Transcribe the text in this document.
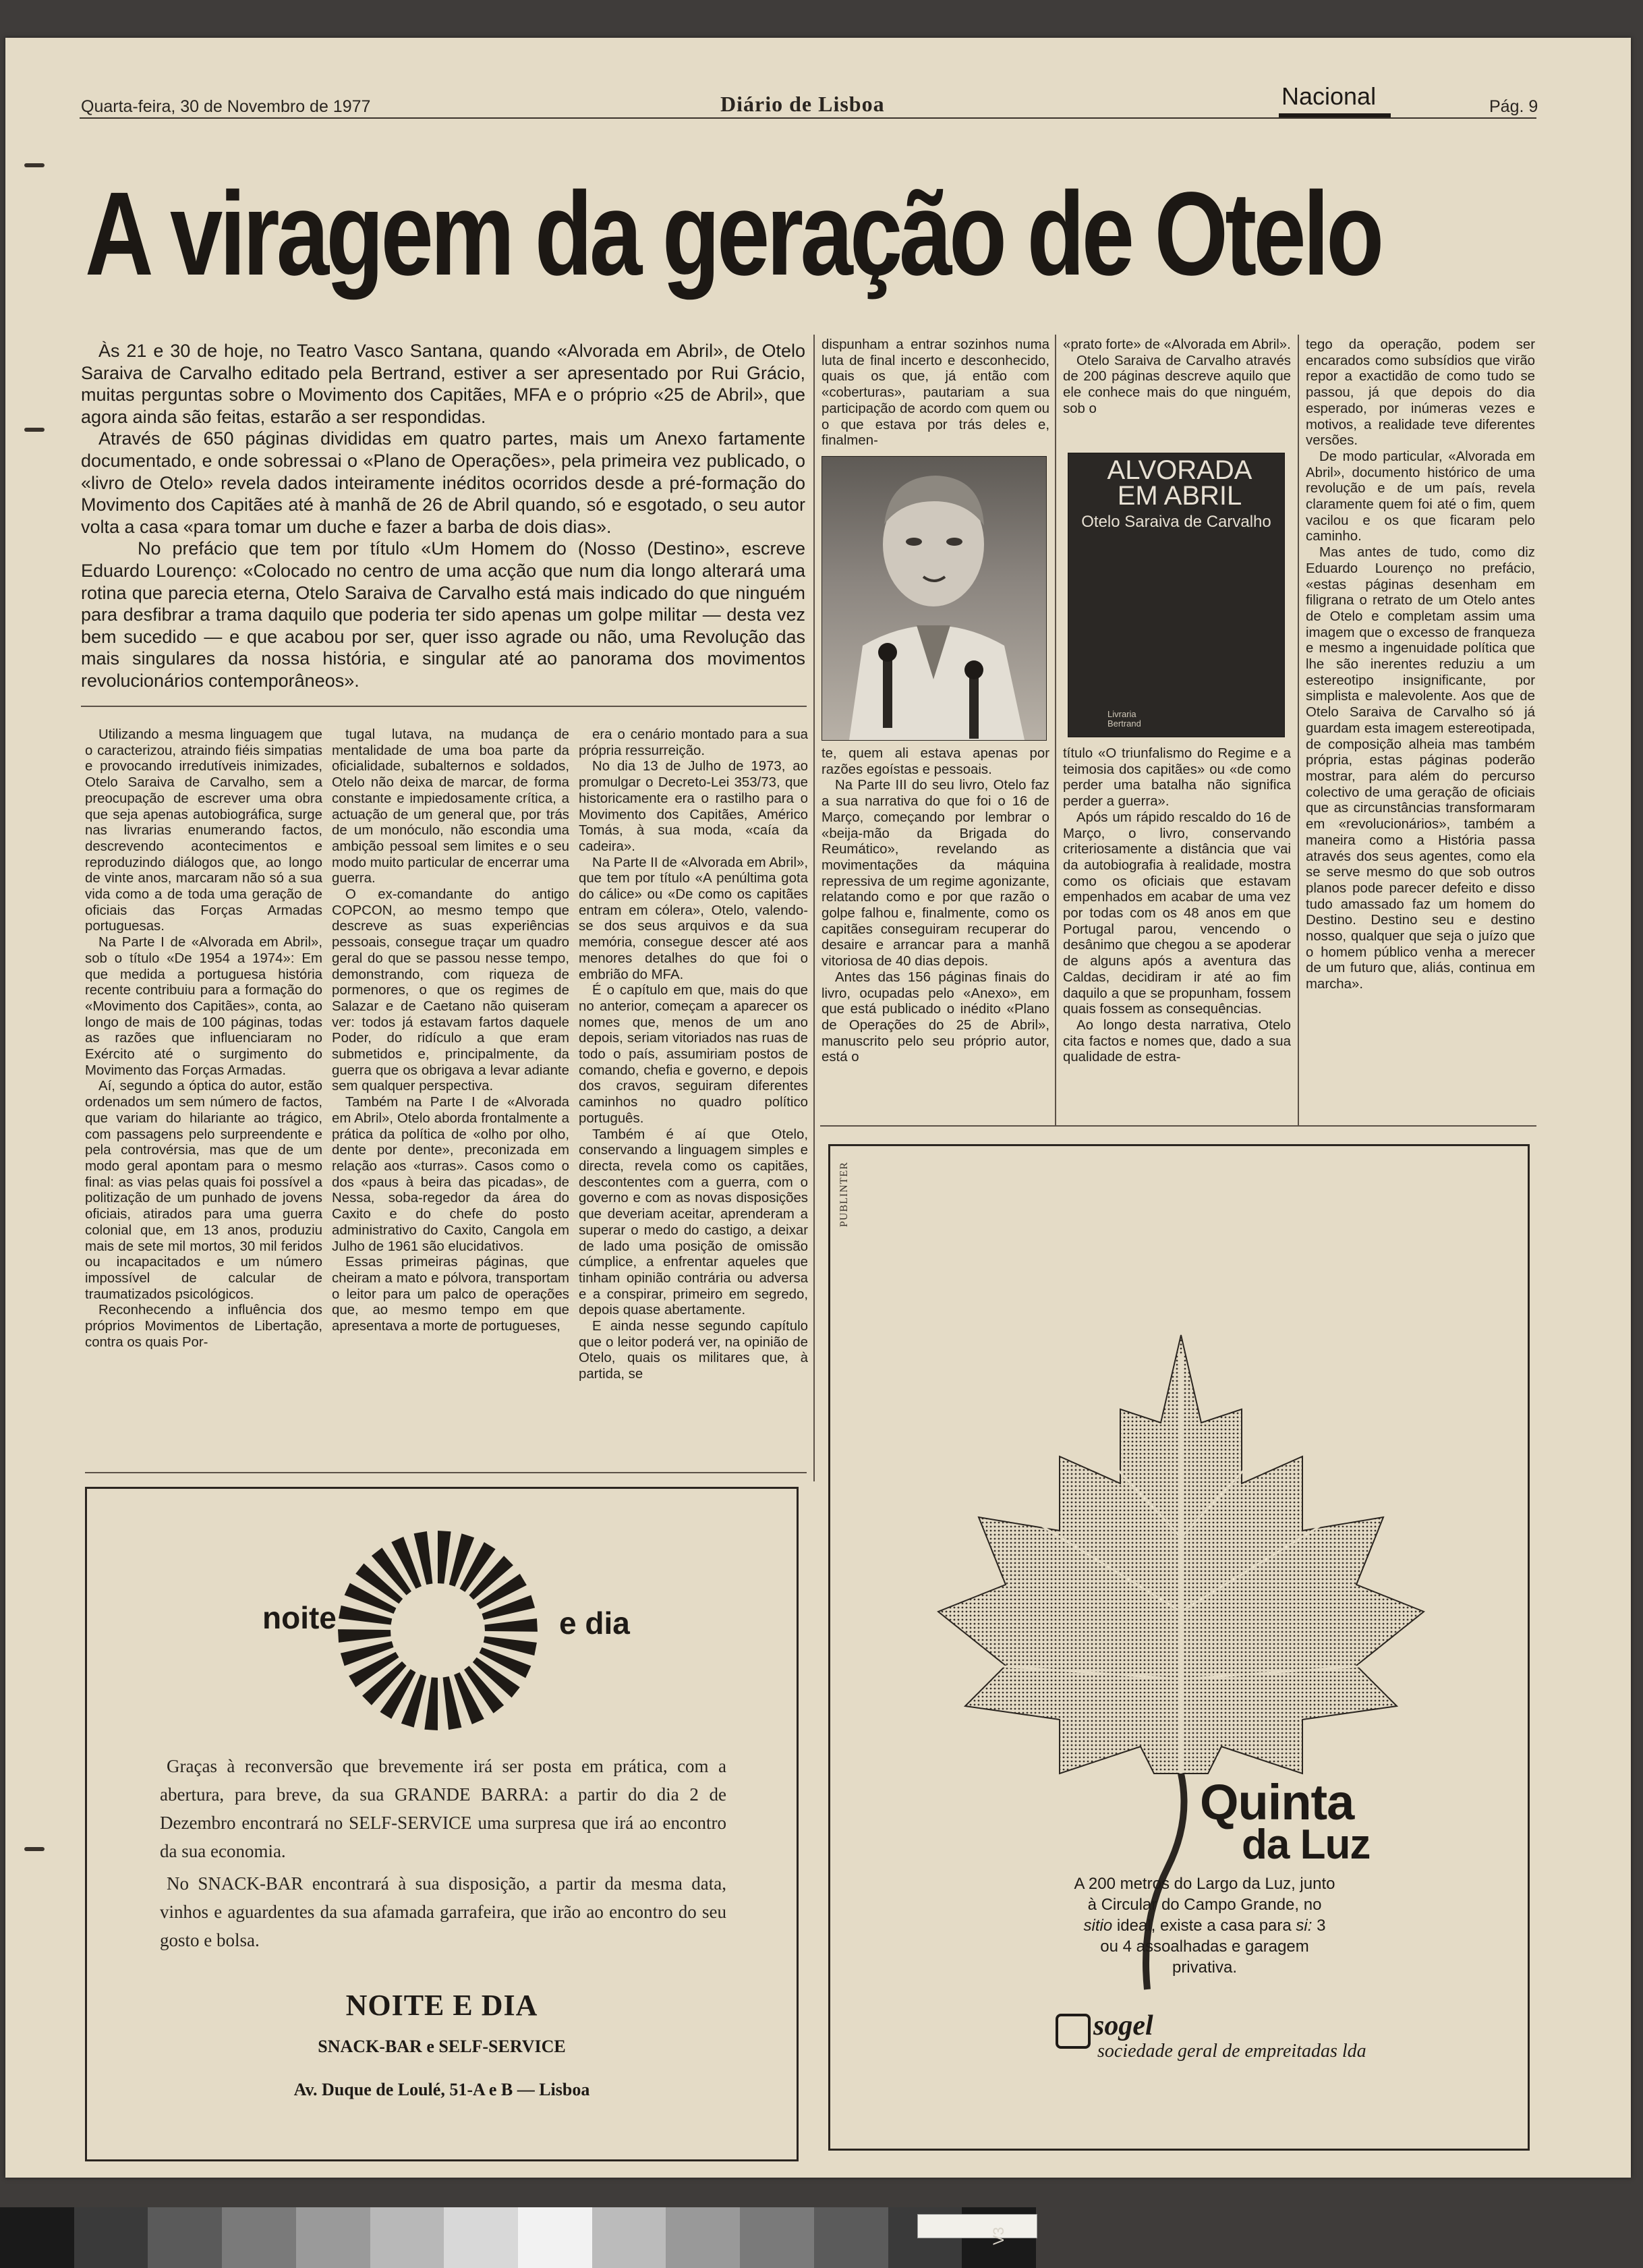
Quarta-feira, 30 de Novembro de 1977	Diário de Lisboa	Nacional	Pág. 9
A viragem da geração de Otelo

Às 21 e 30 de hoje, no Teatro Vasco Santana, quando «Alvorada em Abril», de Otelo Saraiva de Carvalho editado pela Bertrand, estiver a ser apresentado por Rui Grácio, muitas perguntas sobre o Movimento dos Capitães, MFA e o próprio «25 de Abril», que agora ainda são feitas, estarão a ser respondidas.

Através de 650 páginas divididas em quatro partes, mais um Anexo fartamente documentado, e onde sobressai o «Plano de Operações», pela primeira vez publicado, o «livro de Otelo» revela dados inteiramente inéditos ocorridos desde a pré-formação do Movimento dos Capitães até à manhã de 26 de Abril quando, só e esgotado, o seu autor volta a casa «para tomar um duche e fazer a barba de dois dias».

No prefácio que tem por título «Um Homem do (Nosso (Destino», escreve Eduardo Lourenço: «Colocado no centro de uma acção que num dia longo alterará uma rotina que parecia eterna, Otelo Saraiva de Carvalho está mais indicado do que ninguém para desfibrar a trama daquilo que poderia ter sido apenas um golpe militar — desta vez bem sucedido — e que acabou por ser, quer isso agrade ou não, uma Revolução das mais singulares da nossa história, e singular até ao panorama dos movimentos revolucionários contemporâneos».

Utilizando a mesma linguagem que o caracterizou, atraindo fiéis simpatias e provocando irredutíveis inimizades, Otelo Saraiva de Carvalho, sem a preocupação de escrever uma obra que seja apenas autobiográfica, surge nas livrarias enumerando factos, descrevendo acontecimentos e reproduzindo diálogos que, ao longo de vinte anos, marcaram não só a sua vida como a de toda uma geração de oficiais das Forças Armadas portuguesas.

Na Parte I de «Alvorada em Abril», sob o título «De 1954 a 1974»: Em que medida a portuguesa história recente contribuiu para a formação do «Movimento dos Capitães», conta, ao longo de mais de 100 páginas, todas as razões que influenciaram no Exército até o surgimento do Movimento das Forças Armadas.

Aí, segundo a óptica do autor, estão ordenados um sem número de factos, que variam do hilariante ao trágico, com passagens pelo surpreendente e pela controvérsia, mas que de um modo geral apontam para o mesmo final: as vias pelas quais foi possível a politização de um punhado de jovens oficiais, atirados para uma guerra colonial que, em 13 anos, produziu mais de sete mil mortos, 30 mil feridos ou incapacitados e um número impossível de calcular de traumatizados psicológicos.

Reconhecendo a influência dos próprios Movimentos de Libertação, contra os quais Por-

tugal lutava, na mudança de mentalidade de uma boa parte da oficialidade, subalternos e soldados, Otelo não deixa de marcar, de forma constante e impiedosamente crítica, a actuação de um general que, por trás de um monóculo, não escondia uma ambição pessoal sem limites e o seu modo muito particular de encerrar uma guerra.

O ex-comandante do antigo COPCON, ao mesmo tempo que descreve as suas experiências pessoais, consegue traçar um quadro geral do que se passou nesse tempo, demonstrando, com riqueza de pormenores, o que os regimes de Salazar e de Caetano não quiseram ver: todos já estavam fartos daquele Poder, do ridículo a que eram submetidos e, principalmente, da guerra que os obrigava a levar adiante sem qualquer perspectiva.

Também na Parte I de «Alvorada em Abril», Otelo aborda frontalmente a prática da política de «olho por olho, dente por dente», preconizada em relação aos «turras». Casos como o dos «paus à beira das picadas», de Nessa, soba-regedor da área do Caxito e do chefe do posto administrativo do Caxito, Cangola em Julho de 1961 são elucidativos.

Essas primeiras páginas, que cheiram a mato e pólvora, transportam o leitor para um palco de operações que, ao mesmo tempo em que apresentava a morte de portugueses,

era o cenário montado para a sua própria ressurreição.

No dia 13 de Julho de 1973, ao promulgar o Decreto-Lei 353/73, que historicamente era o rastilho para o Movimento dos Capitães, Américo Tomás, à sua moda, «caía da cadeira».

Na Parte II de «Alvorada em Abril», que tem por título «A penúltima gota do cálice» ou «De como os capitães entram em cólera», Otelo, valendo-se dos seus arquivos e da sua memória, consegue descer até aos menores detalhes do que foi o embrião do MFA.

É o capítulo em que, mais do que no anterior, começam a aparecer os nomes que, menos de um ano depois, seriam vitoriados nas ruas de todo o país, assumiriam postos de comando, chefia e governo, e depois dos cravos, seguiram diferentes caminhos no quadro político português.

Também é aí que Otelo, conservando a linguagem simples e directa, revela como os capitães, descontentes com a guerra, com o governo e com as novas disposições que deveriam aceitar, aprenderam a superar o medo do castigo, a deixar de lado uma posição de omissão cúmplice, a enfrentar aqueles que tinham opinião contrária ou adversa e a conspirar, primeiro em segredo, depois quase abertamente.

E ainda nesse segundo capítulo que o leitor poderá ver, na opinião de Otelo, quais os militares que, à partida, se

dispunham a entrar sozinhos numa luta de final incerto e desconhecido, quais os que, já então com «coberturas», pautariam a sua participação de acordo com quem ou o que estava por trás deles e, finalmen-

te, quem ali estava apenas por razões egoístas e pessoais.

Na Parte III do seu livro, Otelo faz a sua narrativa do que foi o 16 de Março, começando por lembrar o «beija-mão da Brigada do Reumático», revelando as movimentações da máquina repressiva de um regime agonizante, relatando como e por que razão o golpe falhou e, finalmente, como os capitães conseguiram recuperar do desaire e arrancar para a manhã vitoriosa de 40 dias depois.

Antes das 156 páginas finais do livro, ocupadas pelo «Anexo», em que está publicado o inédito «Plano de Operações do 25 de Abril», manuscrito pelo seu próprio autor, está o

«prato forte» de «Alvorada em Abril».

Otelo Saraiva de Carvalho através de 200 páginas descreve aquilo que ele conhece mais do que ninguém, sob o

ALVORADA EM ABRIL
Otelo Saraiva de Carvalho
Livraria Bertrand

título «O triunfalismo do Regime e a teimosia dos capitães» ou «de como perder uma batalha não significa perder a guerra».

Após um rápido rescaldo do 16 de Março, o livro, conservando criteriosamente a distância que vai da autobiografia à realidade, mostra como os oficiais que estavam empenhados em acabar de uma vez por todas com os 48 anos em que Portugal parou, vencendo o desânimo que chegou a se apoderar de alguns após a aventura das Caldas, decidiram ir até ao fim daquilo a que se propunham, fossem quais fossem as consequências.

Ao longo desta narrativa, Otelo cita factos e nomes que, dado a sua qualidade de estra-

tego da operação, podem ser encarados como subsídios que virão repor a exactidão de como tudo se passou, já que depois do dia esperado, por inúmeras vezes e motivos, a realidade teve diferentes versões.

De modo particular, «Alvorada em Abril», documento histórico de uma revolução e de um país, revela claramente quem foi até o fim, quem vacilou e os que ficaram pelo caminho.

Mas antes de tudo, como diz Eduardo Lourenço no prefácio, «estas páginas desenham em filigrana o retrato de um Otelo antes de Otelo e completam assim uma imagem que o excesso de franqueza e mesmo a ingenuidade política que lhe são inerentes reduziu a um estereotipo insignificante, por simplista e malevolente. Aos que de Otelo Saraiva de Carvalho só já guardam esta imagem estereotipada, de composição alheia mas também própria, estas páginas poderão mostrar, para além do percurso colectivo de uma geração de oficiais que as circunstâncias transformaram em «revolucionários», também a maneira como a História passa através dos seus agentes, como ela se serve mesmo do que sob outros planos pode parecer defeito e disso tudo amassado faz um homem do Destino. Destino seu e destino nosso, qualquer que seja o juízo que o homem público venha a merecer de um futuro que, aliás, continua em marcha».

noite	e dia

Graças à reconversão que brevemente irá ser posta em prática, com a abertura, para breve, da sua GRANDE BARRA: a partir do dia 2 de Dezembro encontrará no SELF-SERVICE uma surpresa que irá ao encontro da sua economia.

No SNACK-BAR encontrará à sua disposição, a partir da mesma data, vinhos e aguardentes da sua afamada garrafeira, que irão ao encontro do seu gosto e bolsa.

NOITE E DIA
SNACK-BAR e SELF-SERVICE
Av. Duque de Loulé, 51-A e B — Lisboa
PUBLINTER
Quinta
da Luz
A 200 metros do Largo da Luz, junto à Circular do Campo Grande, no sitio ideal, existe a casa para si: 3 ou 4 assoalhadas e garagem privativa.
sogel
sociedade geral de empreitadas lda
V3
